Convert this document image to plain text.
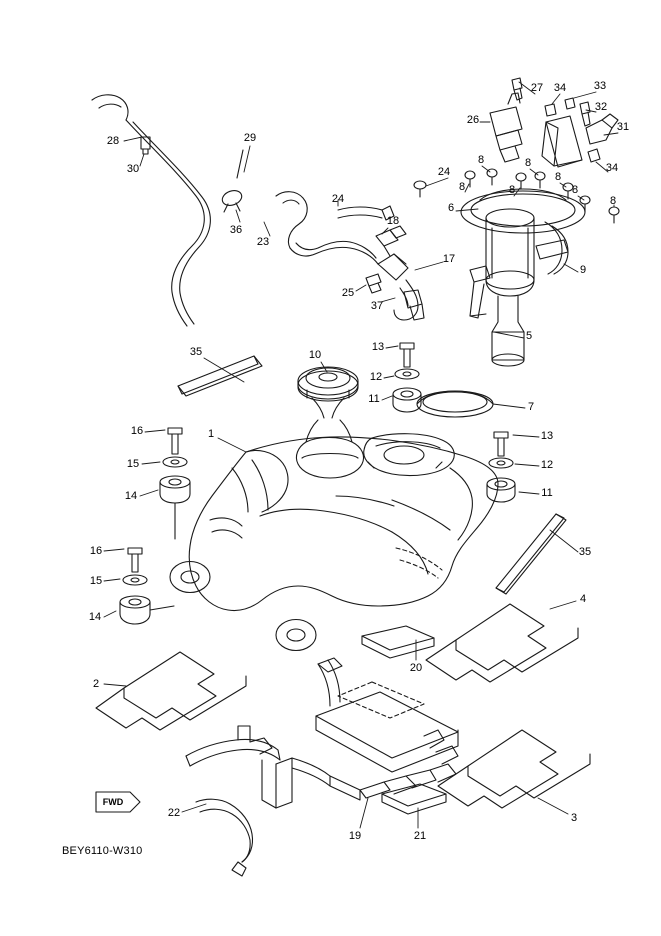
28
30
29
36
23
24
18
17
25
37
24
8
8
8
8
8
8
8
26
27 34	33
32
31
34
6
9
5
13
12
11
7
10
35
1
16
15
14
16
15
14
13
12
11
35
4
20
2
22
19	21
3
FWD
BEY6110-W310
